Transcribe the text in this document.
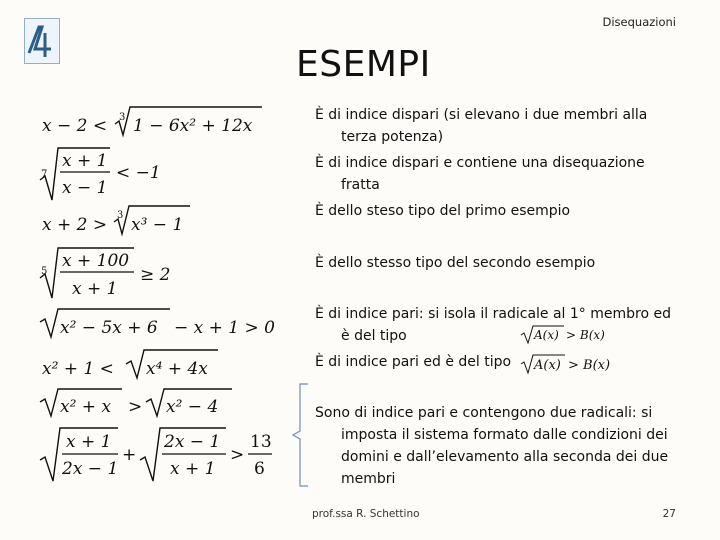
Disequazioni
ESEMPI
x − 2 < 3 1 − 6x² + 12x
7
x + 1
x − 1
< −1
x + 2 > 3 x³ − 1
5
x + 100
x + 1
≥ 2
x² − 5x + 6 − x + 1 > 0
x² + 1 < x⁴ + 4x
x² + x > x² − 4
x + 1
2x − 1
+
2x − 1
x + 1
>
13
6
È di indice dispari (si elevano i due membri alla
terza potenza)
È di indice dispari e contiene una disequazione
fratta
È dello steso tipo del primo esempio
È dello stesso tipo del secondo esempio
È di indice pari: si isola il radicale al 1° membro ed
è del tipo	A(x) > B(x)
È di indice pari ed è del tipo A(x) > B(x)
Sono di indice pari e contengono due radicali: si
imposta il sistema formato dalle condizioni dei
domini e dall’elevamento alla seconda dei due
membri
prof.ssa R. Schettino	27
